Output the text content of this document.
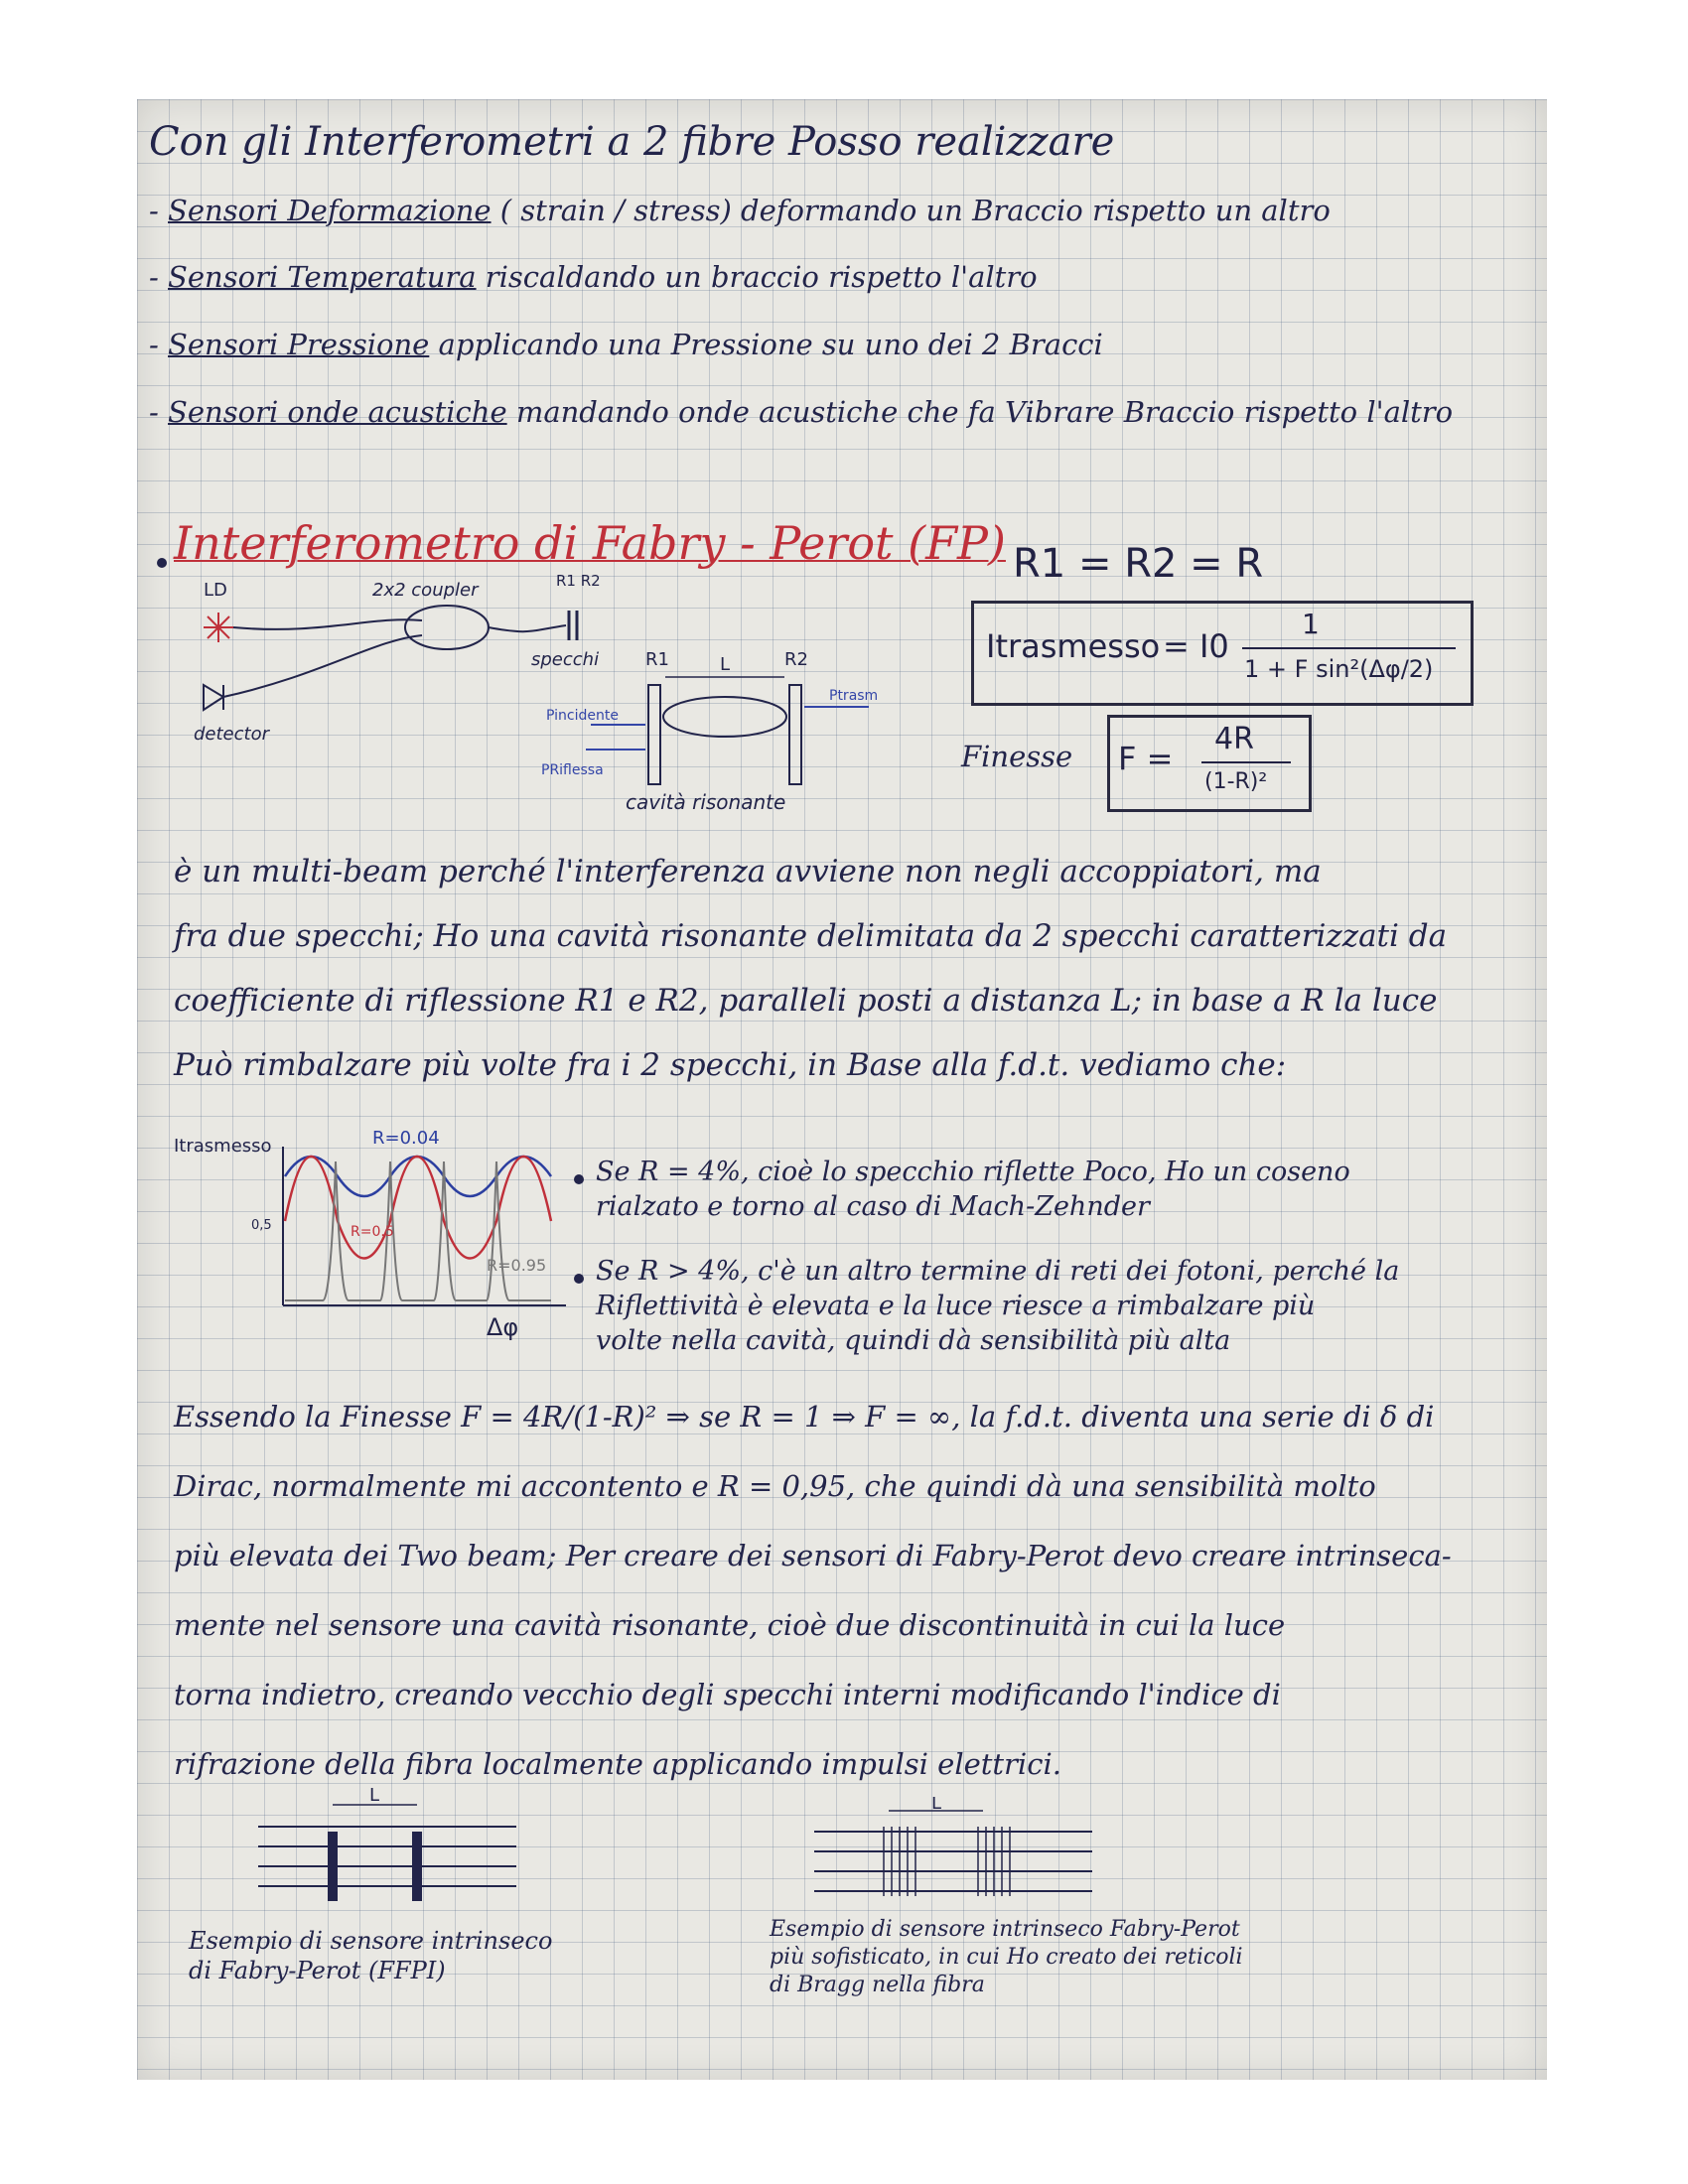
Con gli Interferometri a 2 fibre Posso realizzare
- Sensori Deformazione ( strain / stress) deformando un Braccio rispetto un altro
- Sensori Temperatura riscaldando un braccio rispetto l'altro
- Sensori Pressione applicando una Pressione su uno dei 2 Bracci
- Sensori onde acustiche mandando onde acustiche che fa Vibrare Braccio rispetto l'altro
Interferometro di Fabry - Perot (FP)
LD
detector
2x2 coupler	R1 R2
specchi	R1	R2
L
Pincidente
PRiflessa
Ptrasm
cavità risonante
R1 = R2 = R
Itrasmesso = I0
1
1 + F sin²(Δφ/2)
Finesse F =
4R
(1-R)²
è un multi-beam perché l'interferenza avviene non negli accoppiatori, ma
fra due specchi; Ho una cavità risonante delimitata da 2 specchi caratterizzati da
coefficiente di riflessione R1 e R2, paralleli posti a distanza L; in base a R la luce
Può rimbalzare più volte fra i 2 specchi, in Base alla f.d.t. vediamo che:
Itrasmesso
0,5
Δφ
R=0.04
R=0.5
R=0.95
Se R = 4%, cioè lo specchio riflette Poco, Ho un coseno
rialzato e torno al caso di Mach-Zehnder
Se R > 4%, c'è un altro termine di reti dei fotoni, perché la
Riflettività è elevata e la luce riesce a rimbalzare più
volte nella cavità, quindi dà sensibilità più alta
Essendo la Finesse F = 4R/(1-R)² ⇒ se R = 1 ⇒ F = ∞, la f.d.t. diventa una serie di δ di
Dirac, normalmente mi accontento e R = 0,95, che quindi dà una sensibilità molto
più elevata dei Two beam; Per creare dei sensori di Fabry-Perot devo creare intrinseca-
mente nel sensore una cavità risonante, cioè due discontinuità in cui la luce
torna indietro, creando vecchio degli specchi interni modificando l'indice di
rifrazione della fibra localmente applicando impulsi elettrici.
L
Esempio di sensore intrinseco
di Fabry-Perot (FFPI)
L
Esempio di sensore intrinseco Fabry-Perot
più sofisticato, in cui Ho creato dei reticoli
di Bragg nella fibra
